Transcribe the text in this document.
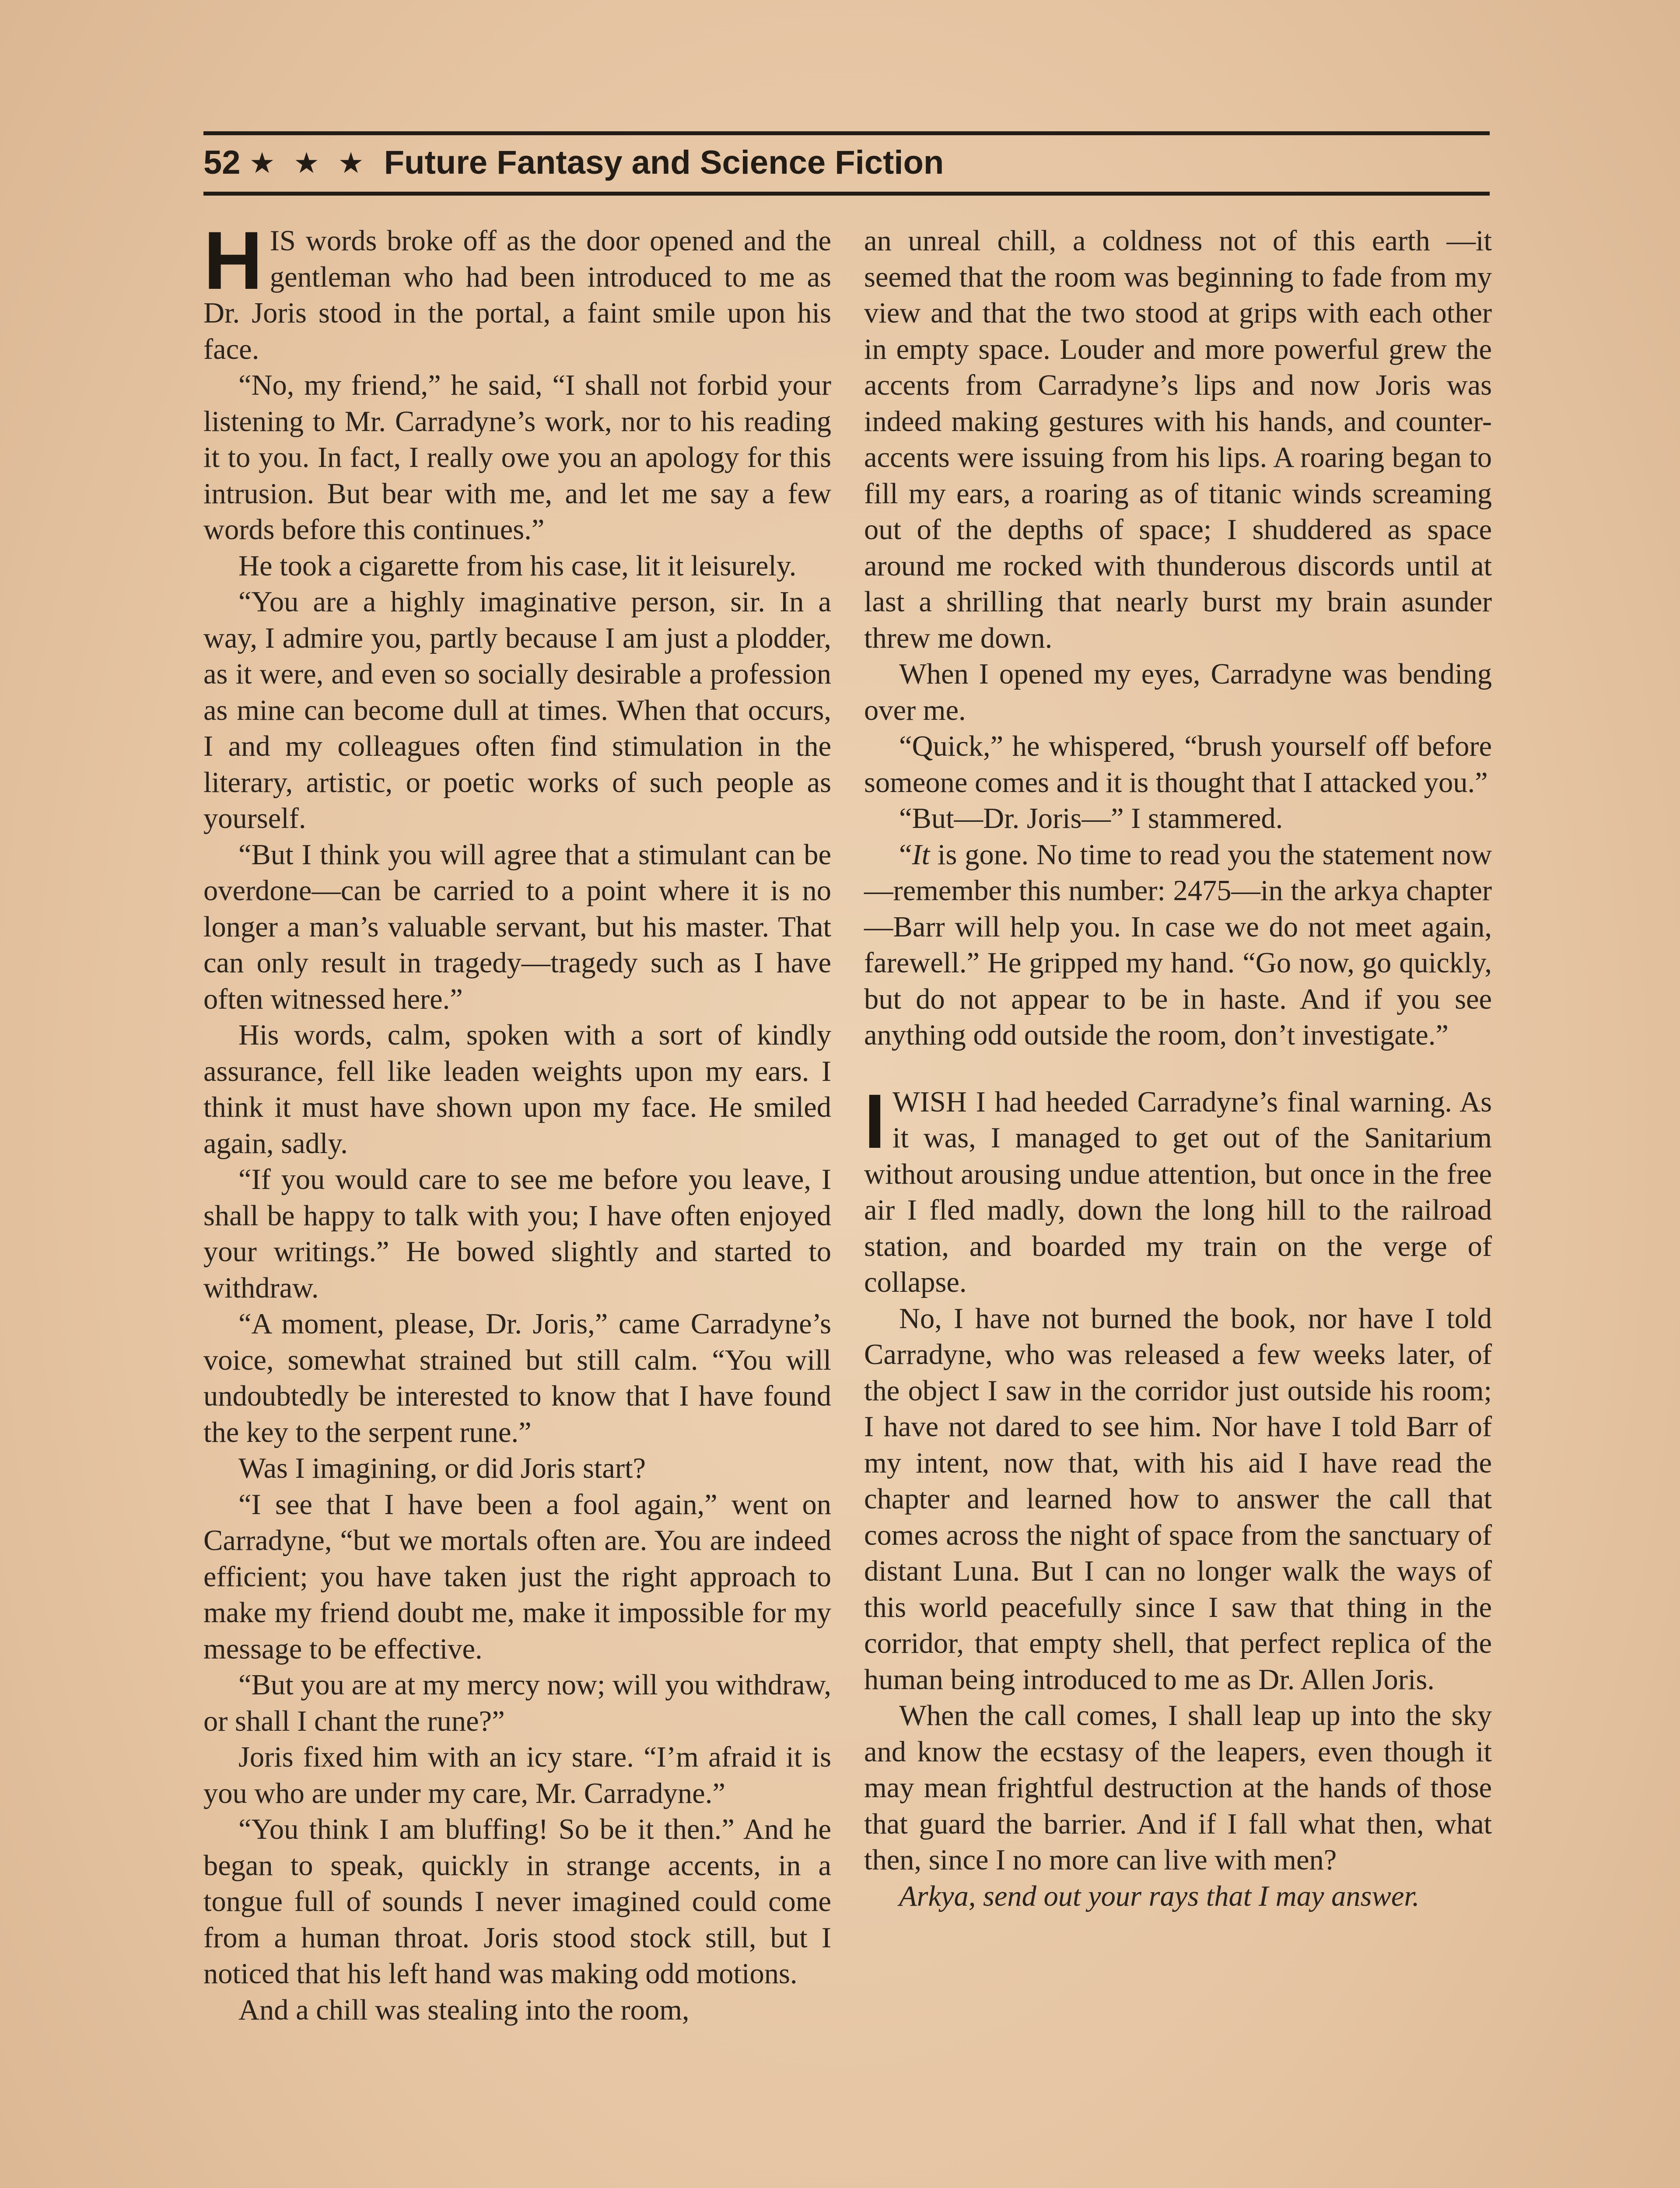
52 ★ ★ ★ Future Fantasy and Science Fiction

HIS words broke off as the door opened and the gentleman who had been introduced to me as Dr. Joris stood in the portal, a faint smile upon his face.

“No, my friend,” he said, “I shall not forbid your listening to Mr. Carradyne’s work, nor to his reading it to you. In fact, I really owe you an apology for this intrusion. But bear with me, and let me say a few words before this continues.”

He took a cigarette from his case, lit it leisurely.

“You are a highly imaginative person, sir. In a way, I admire you, partly because I am just a plodder, as it were, and even so socially desirable a profession as mine can become dull at times. When that occurs, I and my colleagues often find stimulation in the literary, artistic, or poetic works of such people as yourself.

“But I think you will agree that a stimulant can be overdone—can be carried to a point where it is no longer a man’s valuable servant, but his master. That can only result in tragedy—tragedy such as I have often witnessed here.”

His words, calm, spoken with a sort of kindly assurance, fell like leaden weights upon my ears. I think it must have shown upon my face. He smiled again, sadly.

“If you would care to see me before you leave, I shall be happy to talk with you; I have often enjoyed your writings.” He bowed slightly and started to withdraw.

“A moment, please, Dr. Joris,” came Carradyne’s voice, somewhat strained but still calm. “You will undoubtedly be interested to know that I have found the key to the serpent rune.”

Was I imagining, or did Joris start?

“I see that I have been a fool again,” went on Carradyne, “but we mortals often are. You are indeed efficient; you have taken just the right approach to make my friend doubt me, make it impossible for my message to be effective.

“But you are at my mercy now; will you withdraw, or shall I chant the rune?”

Joris fixed him with an icy stare. “I’m afraid it is you who are under my care, Mr. Carradyne.”

“You think I am bluffing! So be it then.” And he began to speak, quickly in strange accents, in a tongue full of sounds I never imagined could come from a human throat. Joris stood stock still, but I noticed that his left hand was making odd motions.

And a chill was stealing into the room,

an unreal chill, a coldness not of this earth —it seemed that the room was beginning to fade from my view and that the two stood at grips with each other in empty space. Louder and more powerful grew the accents from Carradyne’s lips and now Joris was indeed making gestures with his hands, and counter-accents were issuing from his lips. A roaring began to fill my ears, a roaring as of titanic winds screaming out of the depths of space; I shuddered as space around me rocked with thunderous discords until at last a shrilling that nearly burst my brain asunder threw me down.

When I opened my eyes, Carradyne was bending over me.

“Quick,” he whispered, “brush yourself off before someone comes and it is thought that I attacked you.”

“But—Dr. Joris—” I stammered.

“It is gone. No time to read you the statement now—remember this number: 2475—in the arkya chapter—Barr will help you. In case we do not meet again, farewell.” He gripped my hand. “Go now, go quickly, but do not appear to be in haste. And if you see anything odd outside the room, don’t investigate.”

I WISH I had heeded Carradyne’s final warning. As it was, I managed to get out of the Sanitarium without arousing undue attention, but once in the free air I fled madly, down the long hill to the railroad station, and boarded my train on the verge of collapse.

No, I have not burned the book, nor have I told Carradyne, who was released a few weeks later, of the object I saw in the corridor just outside his room; I have not dared to see him. Nor have I told Barr of my intent, now that, with his aid I have read the chapter and learned how to answer the call that comes across the night of space from the sanctuary of distant Luna. But I can no longer walk the ways of this world peacefully since I saw that thing in the corridor, that empty shell, that perfect replica of the human being introduced to me as Dr. Allen Joris.

When the call comes, I shall leap up into the sky and know the ecstasy of the leapers, even though it may mean frightful destruction at the hands of those that guard the barrier. And if I fall what then, what then, since I no more can live with men?

Arkya, send out your rays that I may answer.
